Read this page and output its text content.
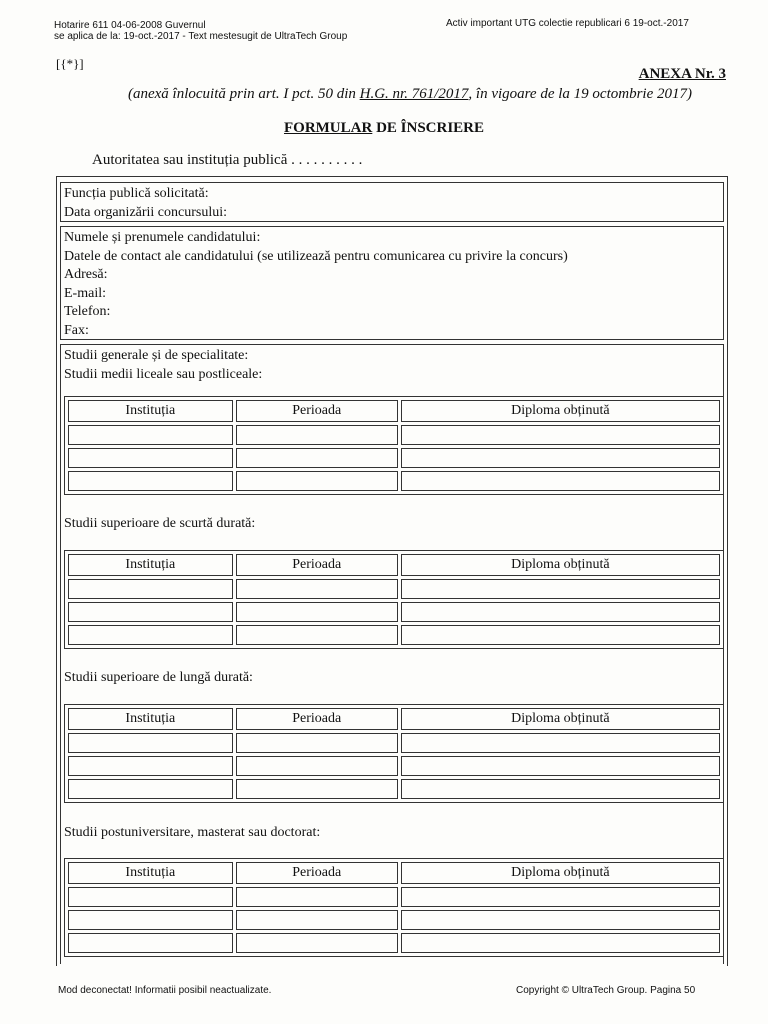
Hotarire 611 04-06-2008 Guvernul
se aplica de la: 19-oct.-2017 - Text mestesugit de UltraTech Group
Activ important UTG colectie republicari 6 19-oct.-2017
[{*}]
ANEXA Nr. 3
(anexă înlocuită prin art. I pct. 50 din H.G. nr. 761/2017, în vigoare de la 19 octombrie 2017)
FORMULAR DE ÎNSCRIERE
Autoritatea sau instituția publică . . . . . . . . . .
Funcția publică solicitată:
Data organizării concursului:
Numele și prenumele candidatului:
Datele de contact ale candidatului (se utilizează pentru comunicarea cu privire la concurs)
Adresă:
E-mail:
Telefon:
Fax:
Studii generale și de specialitate:
Studii medii liceale sau postliceale:
Instituția	Perioada	Diploma obținută

Studii superioare de scurtă durată:
Instituția	Perioada	Diploma obținută

Studii superioare de lungă durată:
Instituția	Perioada	Diploma obținută

Studii postuniversitare, masterat sau doctorat:
Instituția	Perioada	Diploma obținută

Mod deconectat! Informatii posibil neactualizate.	Copyright © UltraTech Group. Pagina 50
